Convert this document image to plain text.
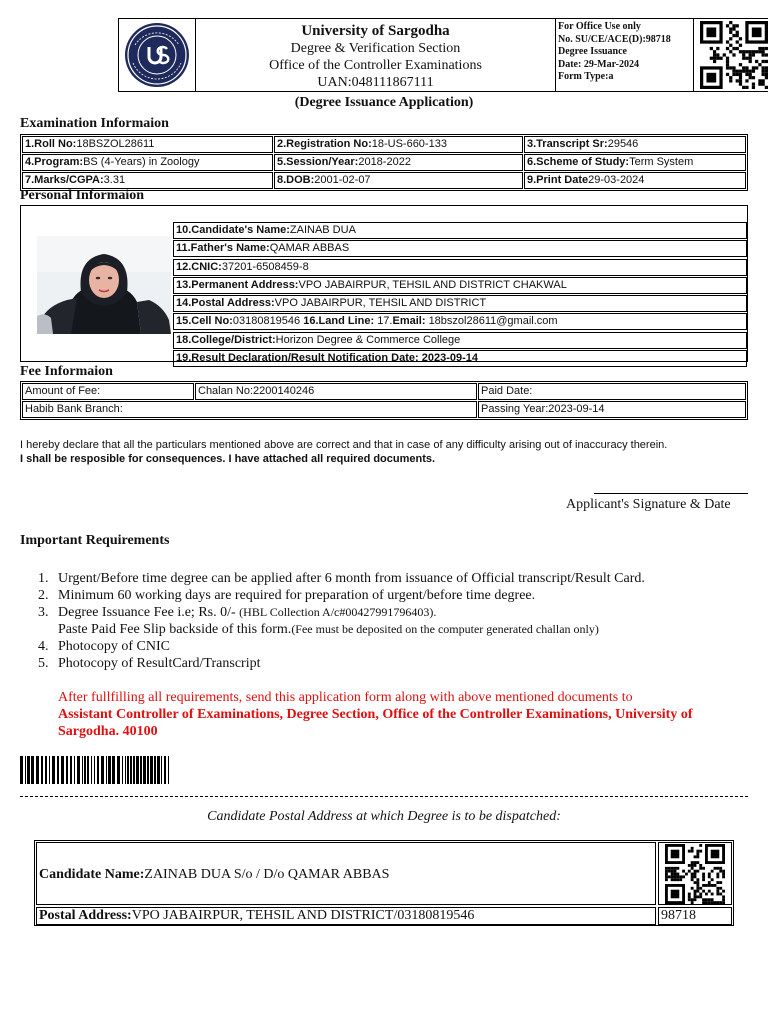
University of Sargodha
Degree & Verification Section
Office of the Controller Examinations
UAN:048111867111
For Office Use only
No. SU/CE/ACE(D):98718
Degree Issuance
Date: 29-Mar-2024
Form Type:a
(Degree Issuance Application)
Examination Informaion
1.Roll No:18BSZOL28611	2.Registration No:18-US-660-133	3.Transcript Sr:29546
4.Program:BS (4-Years) in Zoology	5.Session/Year:2018-2022	6.Scheme of Study:Term System
7.Marks/CGPA:3.31	8.DOB:2001-02-07	9.Print Date29-03-2024
Personal Informaion
10.Candidate's Name:ZAINAB DUA
11.Father's Name:QAMAR ABBAS
12.CNIC:37201-6508459-8
13.Permanent Address:VPO JABAIRPUR, TEHSIL AND DISTRICT CHAKWAL
14.Postal Address:VPO JABAIRPUR, TEHSIL AND DISTRICT
15.Cell No:03180819546 16.Land Line: 17.Email: 18bszol28611@gmail.com
18.College/District:Horizon Degree & Commerce College
19.Result Declaration/Result Notification Date: 2023-09-14
Fee Informaion
Amount of Fee:	Chalan No:2200140246	Paid Date:
Habib Bank Branch:	Passing Year:2023-09-14
I hereby declare that all the particulars mentioned above are correct and that in case of any difficulty arising out of inaccuracy therein.
I shall be resposible for consequences. I have attached all required documents.
Applicant's Signature & Date
Important Requirements
1. Urgent/Before time degree can be applied after 6 month from issuance of Official transcript/Result Card.
2. Minimum 60 working days are required for preparation of urgent/before time degree.
3. Degree Issuance Fee i.e; Rs. 0/- (HBL Collection A/c#00427991796403).
Paste Paid Fee Slip backside of this form.(Fee must be deposited on the computer generated challan only)
4. Photocopy of CNIC
5. Photocopy of ResultCard/Transcript
After fullfilling all requirements, send this application form along with above mentioned documents to
Assistant Controller of Examinations, Degree Section, Office of the Controller Examinations, University of Sargodha. 40100
Candidate Postal Address at which Degree is to be dispatched:
Candidate Name:ZAINAB DUA S/o / D/o QAMAR ABBAS
Postal Address:VPO JABAIRPUR, TEHSIL AND DISTRICT/03180819546	98718
